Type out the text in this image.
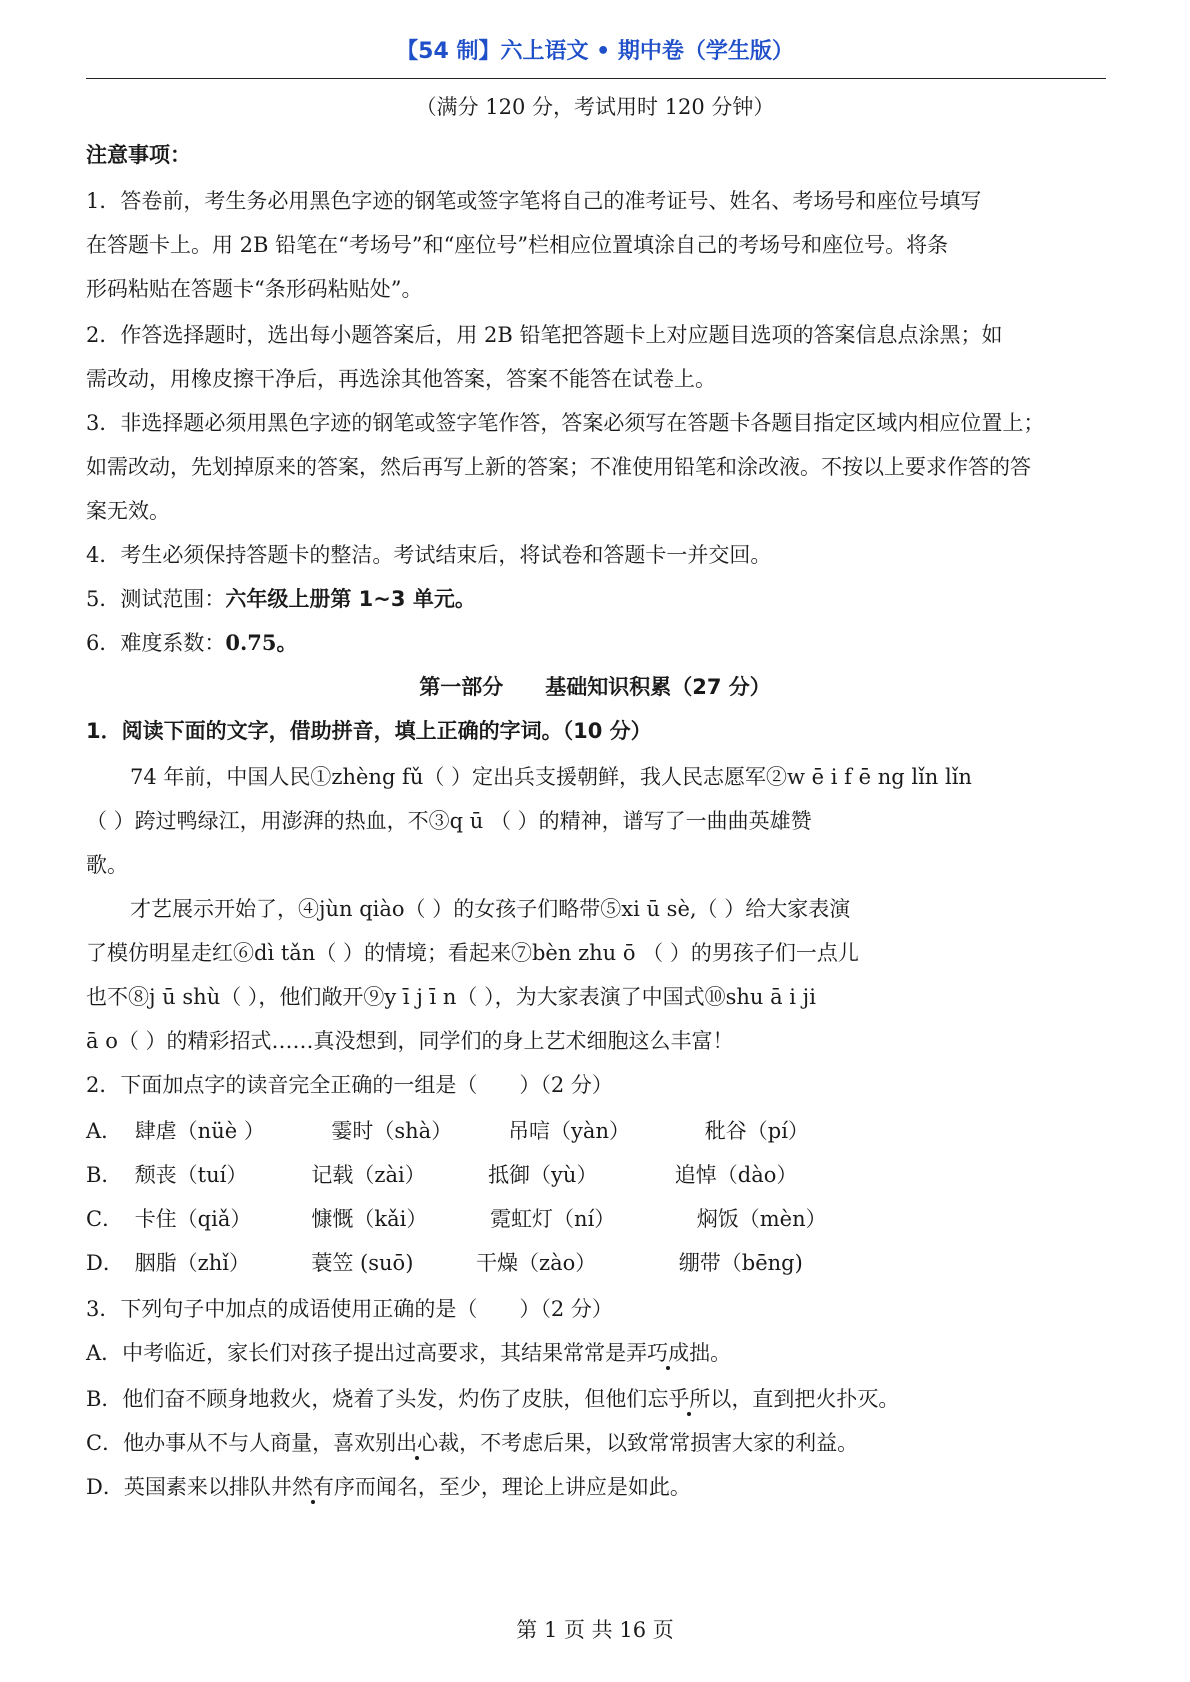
【54 制】六上语文 • 期中卷（学生版）
（满分 120 分，考试用时 120 分钟）
注意事项：
1．答卷前，考生务必用黑色字迹的钢笔或签字笔将自己的准考证号、姓名、考场号和座位号填写
在答题卡上。用 2B 铅笔在“考场号”和“座位号”栏相应位置填涂自己的考场号和座位号。将条
形码粘贴在答题卡“条形码粘贴处”。
2．作答选择题时，选出每小题答案后，用 2B 铅笔把答题卡上对应题目选项的答案信息点涂黑；如
需改动，用橡皮擦干净后，再选涂其他答案，答案不能答在试卷上。
3．非选择题必须用黑色字迹的钢笔或签字笔作答，答案必须写在答题卡各题目指定区域内相应位置上；
如需改动，先划掉原来的答案，然后再写上新的答案；不准使用铅笔和涂改液。不按以上要求作答的答
案无效。
4．考生必须保持答题卡的整洁。考试结束后，将试卷和答题卡一并交回。
5．测试范围：六年级上册第 1~3 单元。
6．难度系数：0.75。
第一部分　　基础知识积累（27 分）
1．阅读下面的文字，借助拼音，填上正确的字词。（10 分）
74 年前，中国人民①zhèng fǔ（ ）定出兵支援朝鲜，我人民志愿军②w ē i f ē ng lǐn lǐn
（ ）跨过鸭绿江，用澎湃的热血，不③q ū （ ）的精神，谱写了一曲曲英雄赞
歌。
才艺展示开始了，④jùn qiào（ ）的女孩子们略带⑤xi ū sè,（ ）给大家表演
了模仿明星走红⑥dì tǎn（ ）的情境；看起来⑦bèn zhu ō （ ）的男孩子们一点儿
也不⑧j ū shù（ ），他们敞开⑨y ī j ī n（ ），为大家表演了中国式⑩shu ā i ji
ā o（ ）的精彩招式……真没想到，同学们的身上艺术细胞这么丰富！
2．下面加点字的读音完全正确的一组是（　　）（2 分）
A． 肆虐（nüè ）	霎时（shà）	吊唁（yàn）	秕谷（pí）
B． 颓丧（tuí）	记载（zài）	抵御（yù）	追悼（dào）
C． 卡住（qiǎ）	慷慨（kǎi）	霓虹灯（ní）	焖饭（mèn）
D． 胭脂（zhǐ）	蓑笠 (suō)	干燥（zào）	绷带（bēng)
3．下列句子中加点的成语使用正确的是（　　）（2 分）
A．中考临近，家长们对孩子提出过高要求，其结果常常是弄巧成拙。
B．他们奋不顾身地救火，烧着了头发，灼伤了皮肤，但他们忘乎所以，直到把火扑灭。
C．他办事从不与人商量，喜欢别出心裁，不考虑后果，以致常常损害大家的利益。
D．英国素来以排队井然有序而闻名，至少，理论上讲应是如此。
第 1 页 共 16 页
